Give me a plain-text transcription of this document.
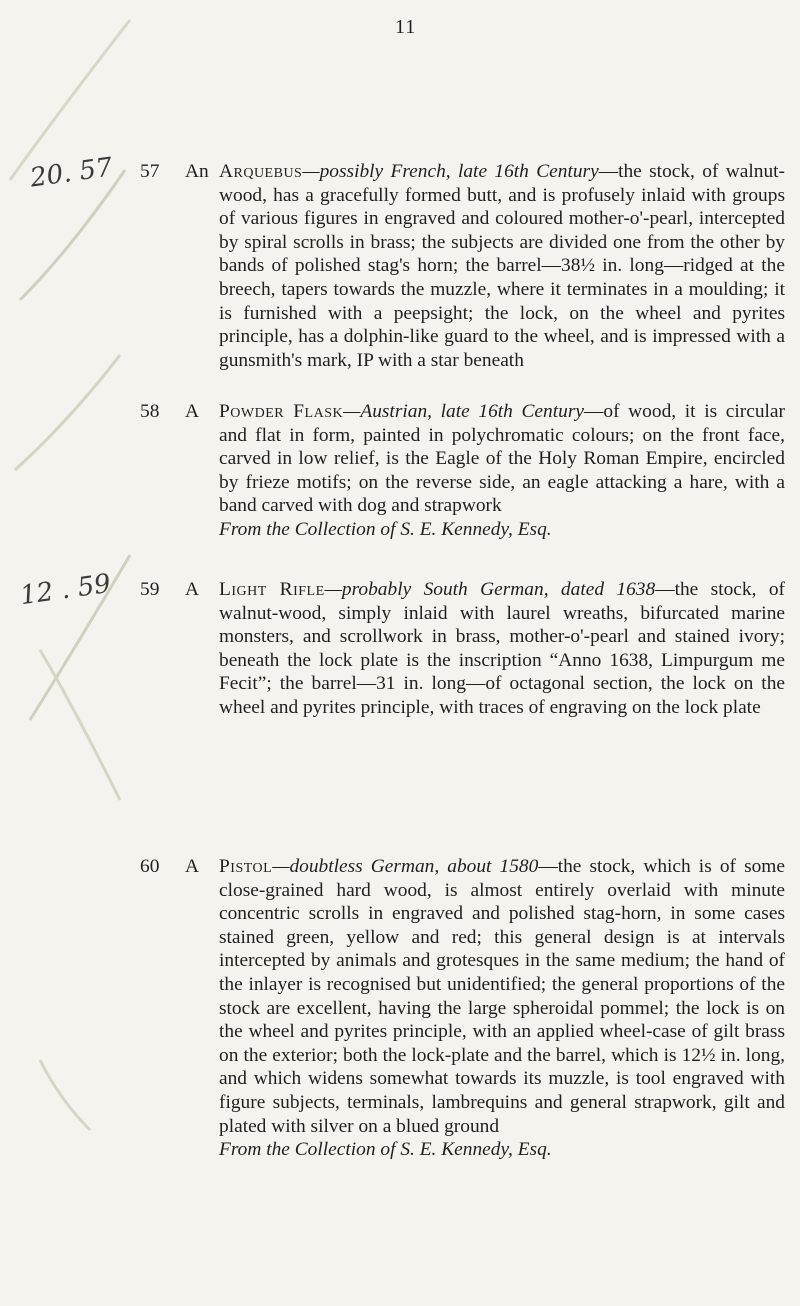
20. 57
12 . 59
11
57 An Arquebus—possibly French, late 16th Century—the stock, of walnut-wood, has a gracefully formed butt, and is profusely inlaid with groups of various figures in engraved and coloured mother-o'-pearl, intercepted by spiral scrolls in brass; the subjects are divided one from the other by bands of polished stag's horn; the barrel—38½ in. long—ridged at the breech, tapers towards the muzzle, where it terminates in a moulding; it is furnished with a peepsight; the lock, on the wheel and pyrites principle, has a dolphin-like guard to the wheel, and is impressed with a gunsmith's mark, IP with a star beneath
58 A Powder Flask—Austrian, late 16th Century—of wood, it is circular and flat in form, painted in polychromatic colours; on the front face, carved in low relief, is the Eagle of the Holy Roman Empire, encircled by frieze motifs; on the reverse side, an eagle attacking a hare, with a band carved with dog and strapwork
From the Collection of S. E. Kennedy, Esq.
59 A Light Rifle—probably South German, dated 1638—the stock, of walnut-wood, simply inlaid with laurel wreaths, bifurcated marine monsters, and scrollwork in brass, mother-o'-pearl and stained ivory; beneath the lock plate is the inscription “Anno 1638, Limpurgum me Fecit”; the barrel—31 in. long—of octagonal section, the lock on the wheel and pyrites principle, with traces of engraving on the lock plate
60 A Pistol—doubtless German, about 1580—the stock, which is of some close-grained hard wood, is almost entirely overlaid with minute concentric scrolls in engraved and polished stag-horn, in some cases stained green, yellow and red; this general design is at intervals intercepted by animals and grotesques in the same medium; the hand of the inlayer is recognised but unidentified; the general proportions of the stock are excellent, having the large spheroidal pommel; the lock is on the wheel and pyrites principle, with an applied wheel-case of gilt brass on the exterior; both the lock-plate and the barrel, which is 12½ in. long, and which widens somewhat towards its muzzle, is tool engraved with figure subjects, terminals, lambrequins and general strapwork, gilt and plated with silver on a blued ground
From the Collection of S. E. Kennedy, Esq.
